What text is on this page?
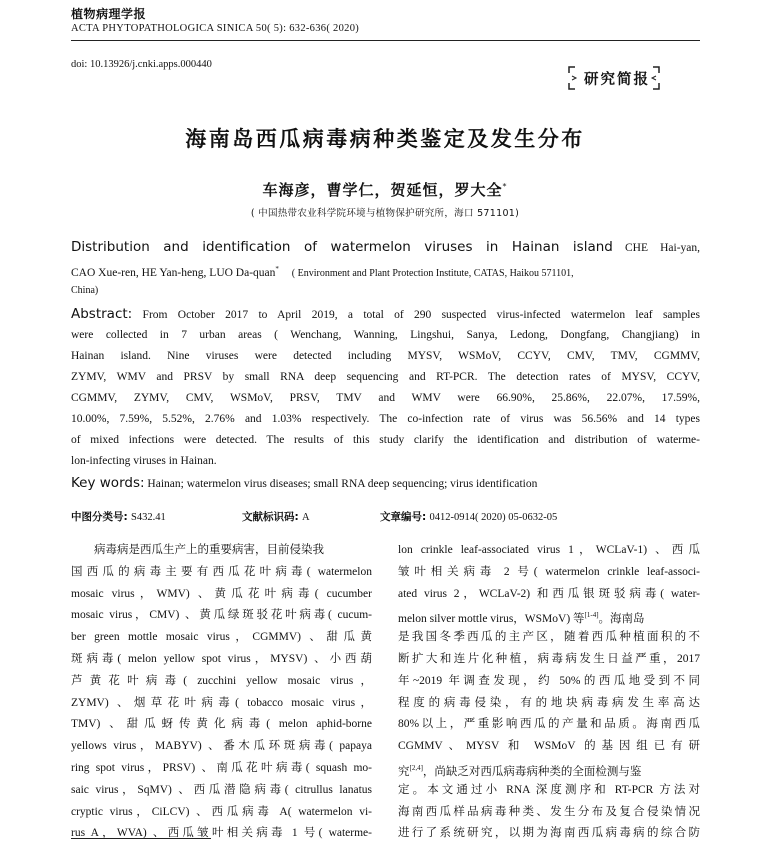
植物病理学报
ACTA PHYTOPATHOLOGICA SINICA 50( 5): 632-636( 2020)
doi: 10.13926/j.cnki.apps.000440
研究简报
海南岛西瓜病毒病种类鉴定及发生分布
车海彦，曹学仁，贺延恒，罗大全*
( 中国热带农业科学院环境与植物保护研究所，海口 571101)
Distribution and identification of watermelon viruses in Hainan island CHE Hai-yan,
CAO Xue-ren, HE Yan-heng, LUO Da-quan* ( Environment and Plant Protection Institute, CATAS, Haikou 571101,
China)
Abstract: From October 2017 to April 2019, a total of 290 suspected virus-infected watermelon leaf samples
were collected in 7 urban areas ( Wenchang, Wanning, Lingshui, Sanya, Ledong, Dongfang, Changjiang) in
Hainan island. Nine viruses were detected including MYSV, WSMoV, CCYV, CMV, TMV, CGMMV,
ZYMV, WMV and PRSV by small RNA deep sequencing and RT-PCR. The detection rates of MYSV, CCYV,
CGMMV, ZYMV, CMV, WSMoV, PRSV, TMV and WMV were 66.90%, 25.86%, 22.07%, 17.59%,
10.00%, 7.59%, 5.52%, 2.76% and 1.03% respectively. The co-infection rate of virus was 56.56% and 14 types
of mixed infections were detected. The results of this study clarify the identification and distribution of waterme-
lon-infecting viruses in Hainan.
Key words: Hainan; watermelon virus diseases; small RNA deep sequencing; virus identification
中图分类号: S432.41	文献标识码: A	文章编号: 0412-0914( 2020) 05-0632-05
病毒病是西瓜生产上的重要病害，目前侵染我
国西瓜的病毒主要有西瓜花叶病毒( watermelon
mosaic virus，WMV) 、黄瓜花叶病毒( cucumber
mosaic virus，CMV) 、黄瓜绿斑驳花叶病毒( cucum-
ber green mottle mosaic virus，CGMMV) 、甜瓜黄
斑病毒( melon yellow spot virus，MYSV) 、小西葫
芦黄花叶病毒( zucchini yellow mosaic virus，
ZYMV) 、烟草花叶病毒( tobacco mosaic virus，
TMV) 、甜瓜蚜传黄化病毒( melon aphid-borne
yellows virus，MABYV) 、番木瓜环斑病毒( papaya
ring spot virus，PRSV) 、南瓜花叶病毒( squash mo-
saic virus，SqMV) 、西瓜潜隐病毒( citrullus lanatus
cryptic virus，CiLCV) 、西瓜病毒 A( watermelon vi-
rus A，WVA) 、西瓜皱叶相关病毒 1 号( waterme-
lon crinkle leaf-associated virus 1，WCLaV-1) 、西瓜
皱叶相关病毒 2 号( watermelon crinkle leaf-associ-
ated virus 2，WCLaV-2) 和西瓜银斑驳病毒( water-
melon silver mottle virus，WSMoV) 等[1-4]。海南岛
是我国冬季西瓜的主产区，随着西瓜种植面积的不
断扩大和连片化种植，病毒病发生日益严重，2017
年~2019 年调查发现，约 50%的西瓜地受到不同
程度的病毒侵染，有的地块病毒病发生率高达
80%以上，严重影响西瓜的产量和品质。海南西瓜
CGMMV、MYSV 和 WSMoV 的基因组已有研
究[2,4]，尚缺乏对西瓜病毒病种类的全面检测与鉴
定。本文通过小 RNA 深度测序和 RT-PCR 方法对
海南西瓜样品病毒种类、发生分布及复合侵染情况
进行了系统研究，以期为海南西瓜病毒病的综合防
